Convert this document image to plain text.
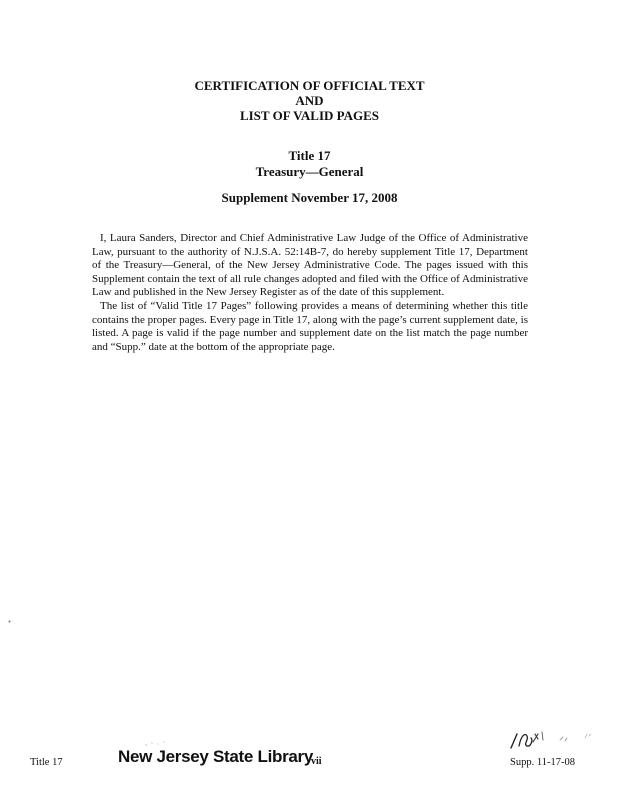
CERTIFICATION OF OFFICIAL TEXT
AND
LIST OF VALID PAGES
Title 17
Treasury—General
Supplement November 17, 2008

I, Laura Sanders, Director and Chief Administrative Law Judge of the Office of Administrative Law, pursuant to the authority of N.J.S.A. 52:14B-7, do hereby supplement Title 17, Department of the Treasury—General, of the New Jersey Administrative Code. The pages issued with this Supplement contain the text of all rule changes adopted and filed with the Office of Administrative Law and published in the New Jersey Register as of the date of this supplement.

The list of “Valid Title 17 Pages” following provides a means of determining whether this title contains the proper pages. Every page in Title 17, along with the page’s current supplement date, is listed. A page is valid if the page number and supplement date on the list match the page number and “Supp.” date at the bottom of the appropriate page.

Title 17	New Jersey State Library
vii	Supp. 11-17-08
